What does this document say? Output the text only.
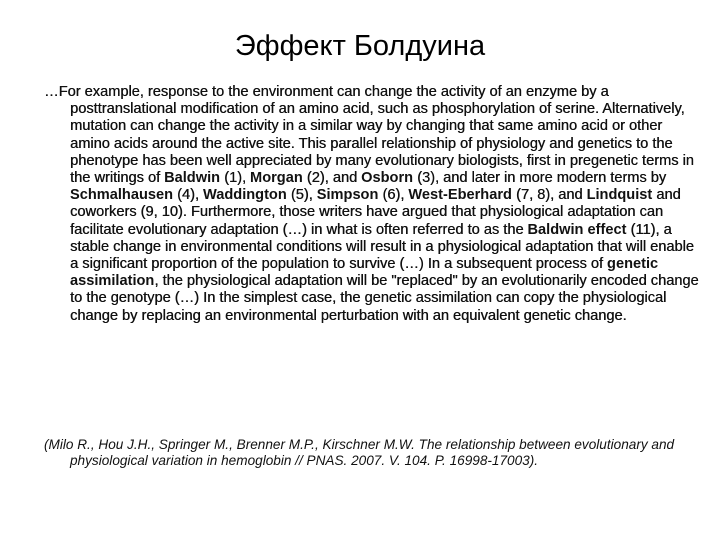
Эффект Болдуина

…For example, response to the environment can change the activity of an enzyme by a posttranslational modification of an amino acid, such as phosphorylation of serine. Alternatively, mutation can change the activity in a similar way by changing that same amino acid or other amino acids around the active site. This parallel relationship of physiology and genetics to the phenotype has been well appreciated by many evolutionary biologists, first in pregenetic terms in the writings of Baldwin (1), Morgan (2), and Osborn (3), and later in more modern terms by Schmalhausen (4), Waddington (5), Simpson (6), West-Eberhard (7, 8), and Lindquist and coworkers (9, 10). Furthermore, those writers have argued that physiological adaptation can facilitate evolutionary adaptation (…) in what is often referred to as the Baldwin effect (11), a stable change in environmental conditions will result in a physiological adaptation that will enable a significant proportion of the population to survive (…) In a subsequent process of genetic assimilation, the physiological adaptation will be "replaced" by an evolutionarily encoded change to the genotype (…) In the simplest case, the genetic assimilation can copy the physiological change by replacing an environmental perturbation with an equivalent genetic change.

(Milo R., Hou J.H., Springer M., Brenner M.P., Kirschner M.W. The relationship between evolutionary and physiological variation in hemoglobin // PNAS. 2007. V. 104. P. 16998-17003).
